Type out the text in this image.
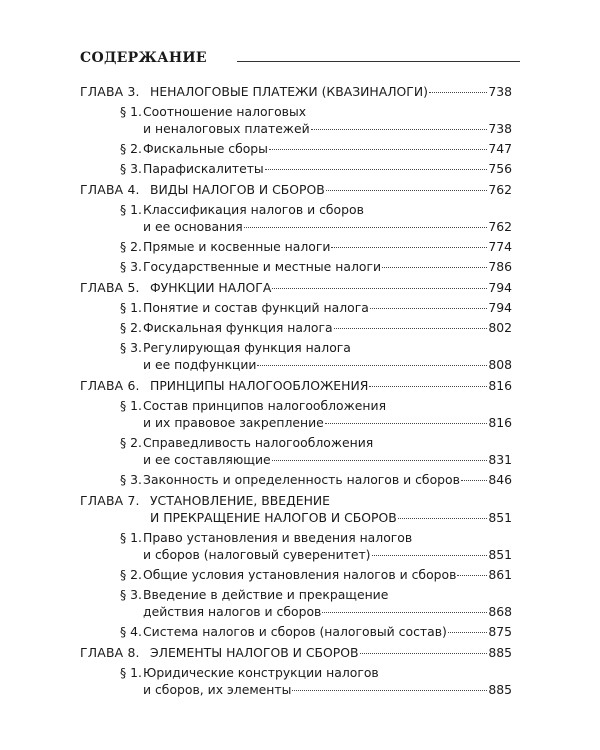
СОДЕРЖАНИЕ
ГЛАВА 3. НЕНАЛОГОВЫЕ ПЛАТЕЖИ (КВАЗИНАЛОГИ)	738
§ 1. Соотношение налоговых
и неналоговых платежей	738
§ 2. Фискальные сборы	747
§ 3. Парафискалитеты	756
ГЛАВА 4. ВИДЫ НАЛОГОВ И СБОРОВ	762
§ 1. Классификация налогов и сборов
и ее основания	762
§ 2. Прямые и косвенные налоги	774
§ 3. Государственные и местные налоги	786
ГЛАВА 5. ФУНКЦИИ НАЛОГА	794
§ 1. Понятие и состав функций налога	794
§ 2. Фискальная функция налога	802
§ 3. Регулирующая функция налога
и ее подфункции	808
ГЛАВА 6. ПРИНЦИПЫ НАЛОГООБЛОЖЕНИЯ	816
§ 1. Состав принципов налогообложения
и их правовое закрепление	816
§ 2. Справедливость налогообложения
и ее составляющие	831
§ 3. Законность и определенность налогов и сборов 846
ГЛАВА 7. УСТАНОВЛЕНИЕ, ВВЕДЕНИЕ
И ПРЕКРАЩЕНИЕ НАЛОГОВ И СБОРОВ	851
§ 1. Право установления и введения налогов
и сборов (налоговый суверенитет)	851
§ 2. Общие условия установления налогов и сборов	861
§ 3. Введение в действие и прекращение
действия налогов и сборов	868
§ 4. Система налогов и сборов (налоговый состав)	875
ГЛАВА 8. ЭЛЕМЕНТЫ НАЛОГОВ И СБОРОВ	885
§ 1. Юридические конструкции налогов
и сборов, их элементы	885
